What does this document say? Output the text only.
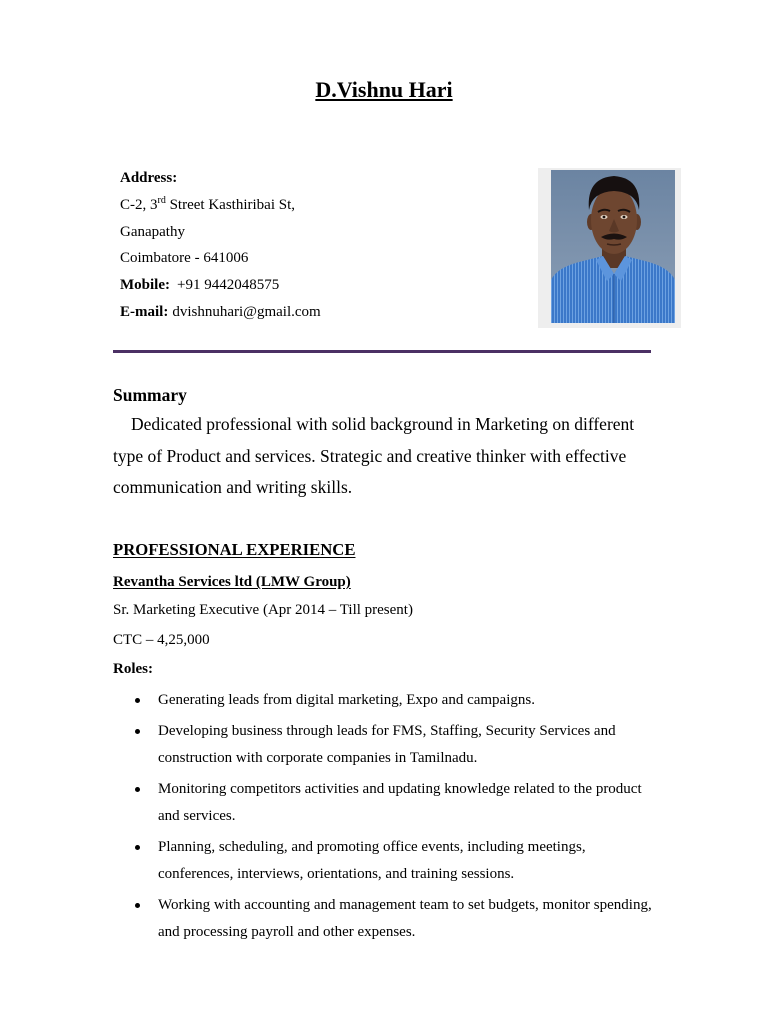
D.Vishnu Hari
Address:
C-2, 3rd Street Kasthiribai St,
Ganapathy
Coimbatore - 641006
Mobile: +91 9442048575
E-mail: dvishnuhari@gmail.com
Summary
Dedicated professional with solid background in Marketing on different
type of Product and services. Strategic and creative thinker with effective
communication and writing skills.
PROFESSIONAL EXPERIENCE
Revantha Services ltd (LMW Group)
Sr. Marketing Executive (Apr 2014 – Till present)
CTC – 4,25,000
Roles:
Generating leads from digital marketing, Expo and campaigns.
Developing business through leads for FMS, Staffing, Security Services and
construction with corporate companies in Tamilnadu.
Monitoring competitors activities and updating knowledge related to the product
and services.
Planning, scheduling, and promoting office events, including meetings,
conferences, interviews, orientations, and training sessions.
Working with accounting and management team to set budgets, monitor spending,
and processing payroll and other expenses.
